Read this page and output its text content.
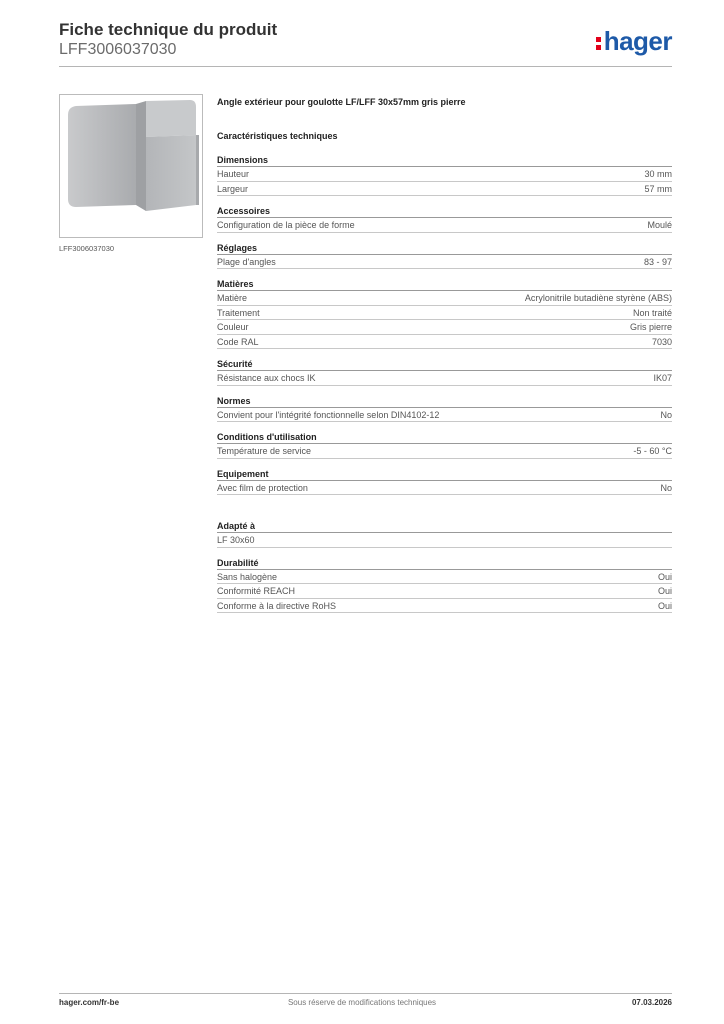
Fiche technique du produit
LFF3006037030	hager
LFF3006037030
Angle extérieur pour goulotte LF/LFF 30x57mm gris pierre
Caractéristiques techniques
Dimensions
Hauteur	30 mm
Largeur	57 mm
Accessoires
Configuration de la pièce de forme	Moulé
Réglages
Plage d'angles	83 - 97
Matières
Matière	Acrylonitrile butadiène styrène (ABS)
Traitement	Non traité
Couleur	Gris pierre
Code RAL	7030
Sécurité
Résistance aux chocs IK	IK07
Normes
Convient pour l'intégrité fonctionnelle selon DIN4102-12	No
Conditions d'utilisation
Température de service	-5 - 60 °C
Equipement
Avec film de protection	No
Adapté à
LF 30x60
Durabilité
Sans halogène	Oui
Conformité REACH	Oui
Conforme à la directive RoHS	Oui
hager.com/fr-be	Sous réserve de modifications techniques	07.03.2026
